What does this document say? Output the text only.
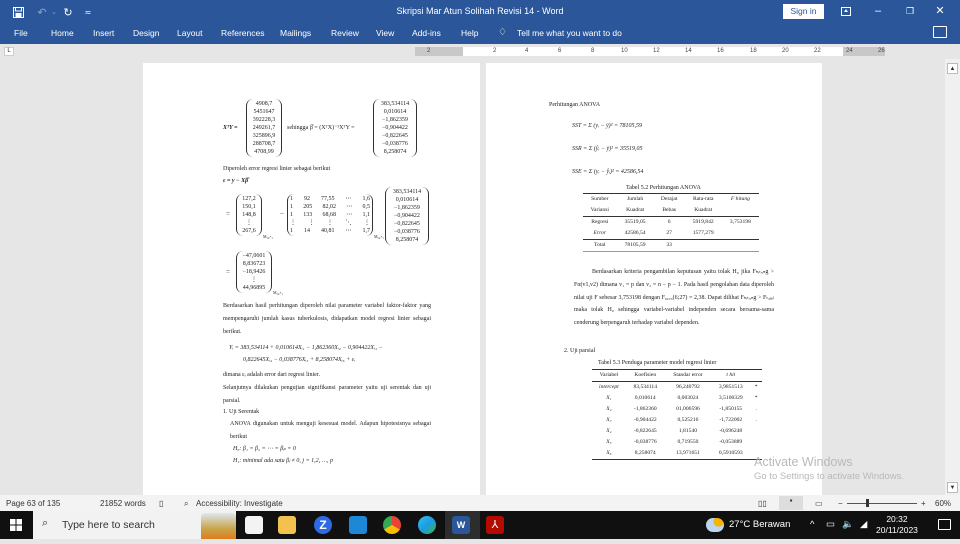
↶ ⌄ ↻	≂	Skripsi Mar Atun Solihah Revisi 14 - Word	Sign in	–	❐	✕
File	Home Insert Design Layout References Mailings Review View Add-ins Help ♢ Tell me what you want to do
L	2	2	4	6	8	10	12	14	16	18	20	22	24	26
XᵀY =
4908,7
5451647
392228,3
249261,7
325896,9
288708,7
4708,99
sehingga β̂ = (XᵀX)⁻¹XᵀY =
383,534114
0,010614
−1,862359
−0,904422
−0,822645
−0,038776
8,258074
Diperoleh error regresi linier sebagai berikut
ε = y − Xβ̂
=
127,2
150,1
148,8
⋮
267,6
M₃₄×₁
−
1 92 77,55 ⋯ 1,6
1 205 82,02 ⋯ 0,5
1 133 68,68 ⋯ 1,1
⋮ ⋮ ⋮ ⋱ ⋮
1 14 40,81 ⋯ 1,7
M₃₄×₇
383,534114
0,010614
−1,862359
−0,904422
−0,822645
−0,038776
8,258074
=
−47,0601
8,836723
−18,9426
⋮
44,96895
M₃₄×₁
Berdasarkan hasil perhitungan diperoleh nilai parameter variabel faktor-faktor yang mempengaruhi jumlah kasus tuberkulosis, didapatkan model regresi linier sebagai berikut.
Yᵢ = 383,534114 + 0,010614Xᵢ₁ − 1,862360Xᵢ₂ − 0,904422Xᵢ₃ −
0,822645Xᵢ₄ − 0,038776Xᵢ₅ + 8,258074Xᵢ₆ + εᵢ
dimana εᵢ adalah error dari regresi linier.
Selanjutnya dilakukan pengujian signifikansi parameter yaitu uji serentak dan uji parsial.
1. Uji Serentak
ANOVA digunakan untuk menguji kesesuai model. Adapun hipotesisnya sebagai berikut
H₀: β₁ = β₂ = ⋯ = βₚ = 0
H₁: minimal ada satu βⱼ ≠ 0, j = 1,2, …, p
Perhitungan ANOVA
SST = Σ (yᵢ − ȳ)² = 78105,59
SSR = Σ (ŷᵢ − ȳ)² = 35519,05
SSE = Σ (yᵢ − ŷᵢ)² = 42586,54
Tabel 5.2 Perhitungan ANOVA
Sumber	Jumlah	Derajat	Rata-rata	F hitung
Variansi	Kuadrat	Bebas	Kuadrat	
Regresi	35519,05	6	5919,842	3,753198
Error	42586,54	27	1577,279	
Total	78105,59	33		
Berdasarkan kriteria pengambilan keputusan yaitu tolak H₀ jika Fₕᵢₜᵤₙg > Fα(v1,v2) dimana v₁ = p dan v₂ = n − p − 1. Pada hasil pengolahan data diperoleh nilai uji F sebesar 3,753198 dengan F₀,₀₅(6;27) = 2,38. Dapat dilihat Fₕᵢₜᵤₙg > Fₜₐᵦₑₗ maka tolak H₀ sehingga variabel-variabel independen secara bersama-sama cenderung berpengaruh terhadap variabel dependen.
2. Uji parsial
Tabel 5.3 Penduga parameter model regresi linier
Variabel	Koefisien	Standar error	t hit	
intercept	83,534114	96,240792	3,9851513	*
X₁	0,010614	0,003024	3,5100329	*
X₂	-1,862360	01,006596	-1,850155	.
X₃	-0,904422	0,525216	-1,722002	.
X₄	-0,822645	1,81540	-0,696248	
X₅	-0,038776	0,719550	-0,053889	
X₆	8,258074	13,971651	0,5910593	
Activate Windows
Go to Settings to activate Windows.
▲
▼
Page 63 of 135	21852 words ▯	⌕ Accessibility: Investigate	▯▯	▪	▭ −	+ 60%
⌕ Type here to search	Z	W	⅄	27°C Berawan ^ ▭ 🔈 ◢	20:32
20/11/2023
